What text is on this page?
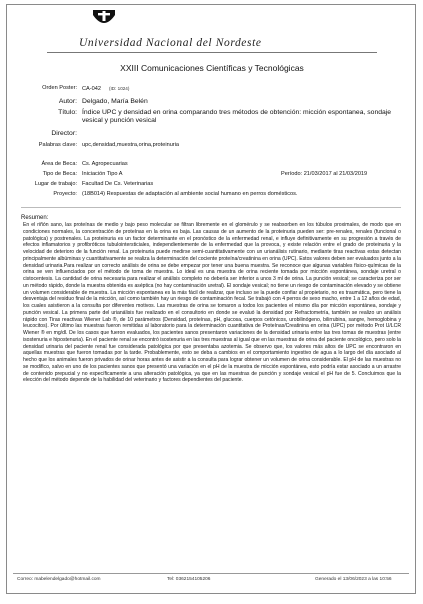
Universidad Nacional del Nordeste
XXIII Comunicaciones Científicas y Tecnológicas
Orden Poster: CA-042 (ID: 1024)
Autor: Delgado, María Belén
Título: Índice UPC y densidad en orina comparando tres métodos de obtención: micción espontanea, sondaje vesical y punción vesical
Director:
Palabras clave: upc,densidad,muestra,orina,proteinuria
Área de Beca: Cs. Agropecuarias
Tipo de Beca: Iniciación Tipo A	Período: 21/03/2017 al 21/03/2019
Lugar de trabajo: Facultad De Cs. Veterinarias
Proyecto: (18B014) Respuestas de adaptación al ambiente social humano en perros domésticos.
Resumen:
En el riñón sano, las proteínas de medio y bajo peso molecular se filtran libremente en el glomérulo y se reabsorben en los túbulos proximales, de modo que en condiciones normales, la concentración de proteínas en la orina es baja. Las causas de un aumento de la proteinuria pueden ser: pre-renales, renales (funcional o patológica) y postrenales. La proteinuria es un factor determinante en el pronóstico de la enfermedad renal, e influye definitivamente en su progresión a través de efectos inflamatorios y profibróticos tubulointersticiales, independientemente de la enfermedad que la provoca, y existe relación entre el grado de proteinuria y la velocidad de deterioro de la función renal. La proteinuria puede medirse semi-cuantitativamente con un urianálisis rutinario, mediante tiras reactivas estas detectan principalmente albúminas y cuantitativamente se realiza la determinación del cociente proteína/creatinina en orina (UPC). Estos valores deben ser evaluados junto a la densidad urinaria.Para realizar un correcto análisis de orina se debe empezar por tener una buena muestra. Se reconoce que algunas variables físico-químicas de la orina se ven influenciados por el método de toma de muestra. Lo ideal es una muestra de orina reciente tomada por micción espontánea, sondaje uretral o cistocentesis. La cantidad de orina necesaria para realizar el análisis completo no debería ser inferior a unos 3 ml de orina. La punción vesical; se caracteriza por ser un método rápido, donde la muestra obtenida es aséptica (no hay contaminación uretral). El sondaje vesical; no tiene un riesgo de contaminación elevado y se obtiene un volumen considerable de muestra. La micción espontanea es la más fácil de realizar, que incluso se la puede confiar al propietario, no es traumática, pero tiene la desventaja del residuo final de la micción, así como también hay un riesgo de contaminación fecal. Se trabajó con 4 perros de sexo macho, entre 1 a 12 años de edad, los cuales asistieron a la consulta por diferentes motivos. Las muestras de orina se tomaron a todos los pacientes el mismo día por micción espontánea, sondaje y punción vesical. La primera parte del urianálisis fue realizado en el consultorio en donde se evaluó la densidad por Refractometría, también se realizo un análisis rápido con Tiras reactivas Wiener Lab ®, de 10 parámetros (Densidad, proteínas, pH, glucosa, cuerpos cetónicos, urobilinógeno, bilirrubina, sangre, hemoglobina y leucocitos). Por último las muestras fueron remitidas al laboratorio para la determinación cuantitativa de Proteínas/Creatinina en orina (UPC) por método Prot U/LCR Wiener ® en mg/dl. De los casos que fueron evaluados, los pacientes sanos presentaron variaciones de la densidad urinaria entre las tres tomas de muestras (entre isostenuria e hipostenuria). En el paciente renal se encontró isostenuria en las tres muestras al igual que en las muestras de orina del paciente oncológico, pero solo la densidad urinaria del paciente renal fue considerada patológica por que presentaba azotemia. Se observo que, los valores más altos de UPC se encontraron en aquellas muestras que fueron tomadas por la tarde. Probablemente, esto se deba a cambios en el comportamiento ingestivo de agua a lo largo del día asociado al hecho que los animales fueron privados de orinar horas antes de asistir a la consulta para lograr obtener un volumen de orina considerable. El pH de las muestras no se modifico, salvo en uno de los pacientes sanos que presentó una variación en el pH de la muestra de micción espontánea, esto podría estar asociado a un arrastre de contenido prepucial y no específicamente a una alteración patológica, ya que en las muestras de punción y sondaje vesical el pH fue de 5. Concluimos que la elección del método depende de la habilidad del veterinario y factores dependientes del paciente.
Correo: mabelendelgado@hotmail.com	Tel: 0362154105206	Generado el 13/06/2023 a las 10:56
